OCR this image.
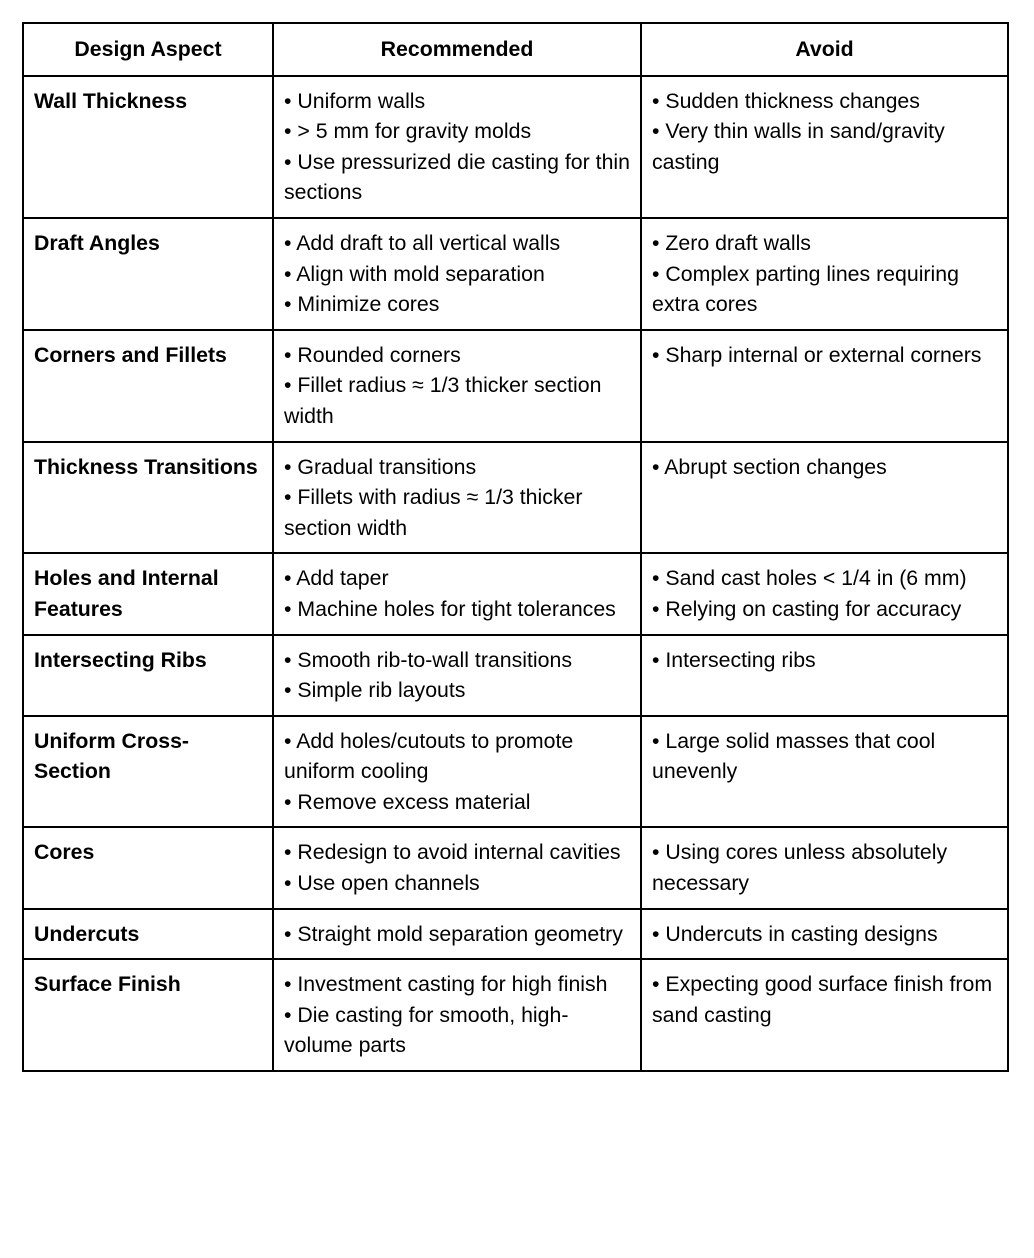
Design Aspect	Recommended	Avoid
Wall Thickness	• Uniform walls
• > 5 mm for gravity molds
• Use pressurized die casting for thin sections	• Sudden thickness changes
• Very thin walls in sand/gravity casting

Draft Angles	• Add draft to all vertical walls
• Align with mold separation
• Minimize cores	• Zero draft walls
• Complex parting lines requiring extra cores

Corners and Fillets	• Rounded corners
• Fillet radius ≈ 1/3 thicker section width	• Sharp internal or external corners

Thickness Transitions	• Gradual transitions
• Fillets with radius ≈ 1/3 thicker section width	• Abrupt section changes

Holes and Internal Features	• Add taper
• Machine holes for tight tolerances	• Sand cast holes < 1/4 in (6 mm)
• Relying on casting for accuracy

Intersecting Ribs	• Smooth rib-to-wall transitions
• Simple rib layouts	• Intersecting ribs

Uniform Cross-Section	• Add holes/cutouts to promote uniform cooling
• Remove excess material	• Large solid masses that cool unevenly

Cores	• Redesign to avoid internal cavities
• Use open channels	• Using cores unless absolutely necessary

Undercuts	• Straight mold separation geometry	• Undercuts in casting designs

Surface Finish	• Investment casting for high finish
• Die casting for smooth, high-volume parts	• Expecting good surface finish from sand casting
